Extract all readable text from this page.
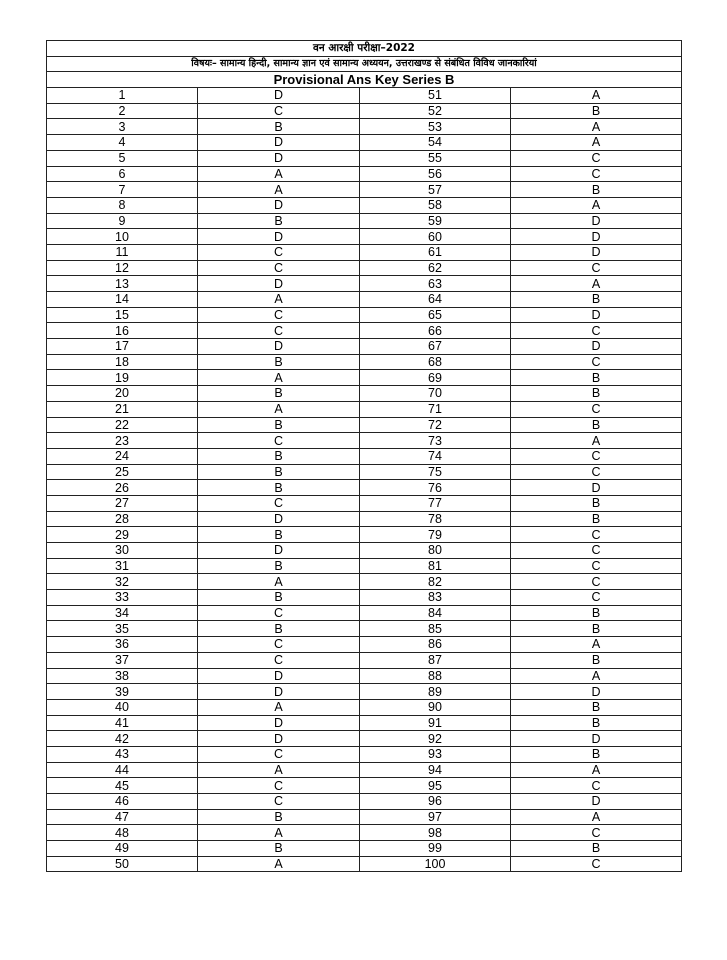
वन आरक्षी परीक्षा–2022			
विषयः– सामान्य हिन्दी, सामान्य ज्ञान एवं सामान्य अध्ययन, उत्तराखण्ड से संबंधित विविध जानकारियां			
Provisional Ans Key Series B			
1	D	51	A
2	C	52	B
3	B	53	A
4	D	54	A
5	D	55	C
6	A	56	C
7	A	57	B
8	D	58	A
9	B	59	D
10	D	60	D
11	C	61	D
12	C	62	C
13	D	63	A
14	A	64	B
15	C	65	D
16	C	66	C
17	D	67	D
18	B	68	C
19	A	69	B
20	B	70	B
21	A	71	C
22	B	72	B
23	C	73	A
24	B	74	C
25	B	75	C
26	B	76	D
27	C	77	B
28	D	78	B
29	B	79	C
30	D	80	C
31	B	81	C
32	A	82	C
33	B	83	C
34	C	84	B
35	B	85	B
36	C	86	A
37	C	87	B
38	D	88	A
39	D	89	D
40	A	90	B
41	D	91	B
42	D	92	D
43	C	93	B
44	A	94	A
45	C	95	C
46	C	96	D
47	B	97	A
48	A	98	C
49	B	99	B
50	A	100	C
